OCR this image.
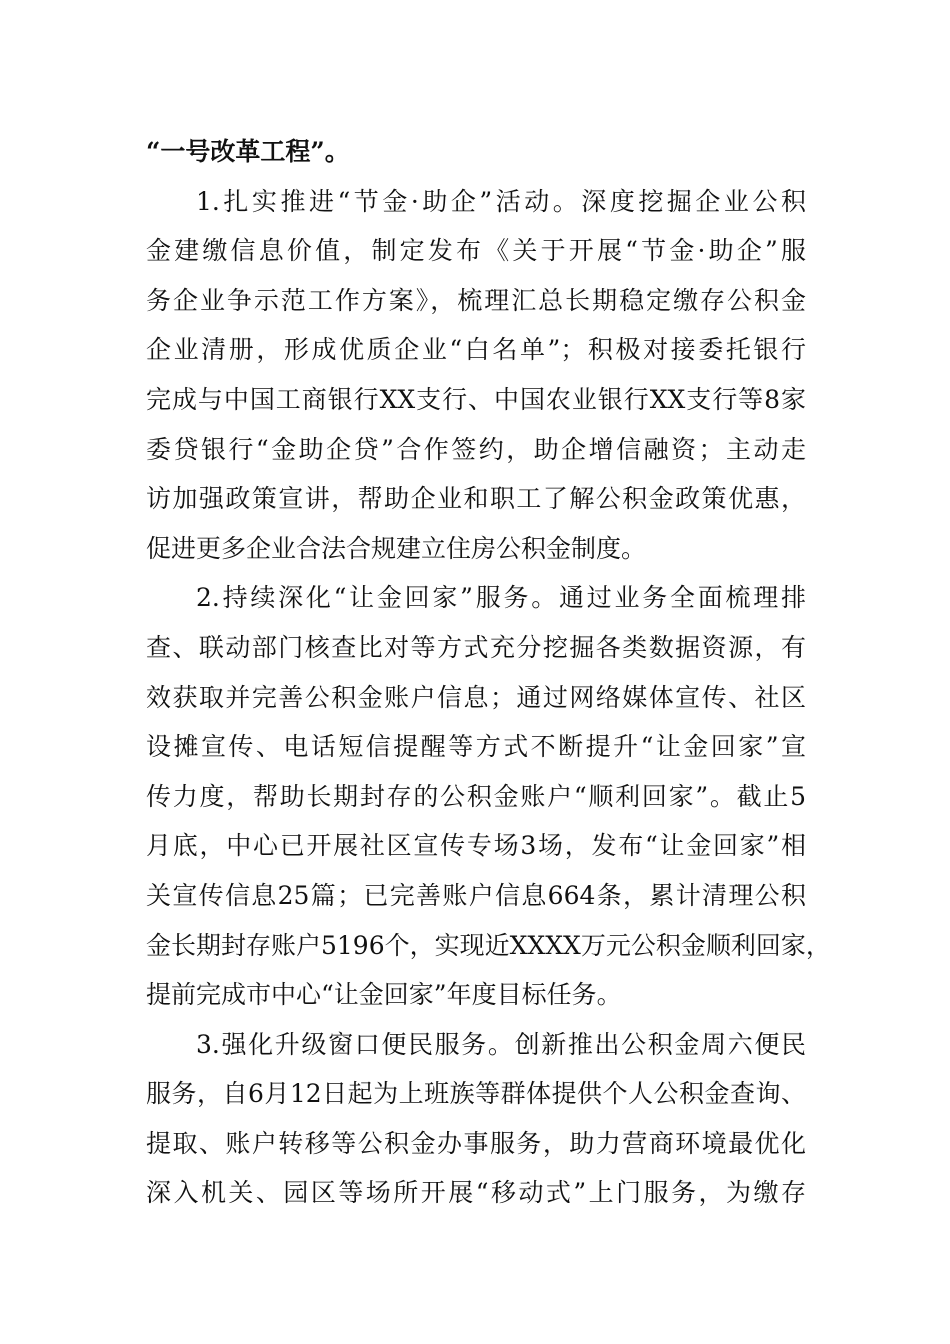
“一号改革工程”。
1.扎实推进“节金·助企”活动。深度挖掘企业公积
金建缴信息价值，制定发布《关于开展“节金·助企”服
务企业争示范工作方案》，梳理汇总长期稳定缴存公积金
企业清册，形成优质企业“白名单”；积极对接委托银行
完成与中国工商银行XX支行、中国农业银行XX支行等8家
委贷银行“金助企贷”合作签约，助企增信融资；主动走
访加强政策宣讲，帮助企业和职工了解公积金政策优惠，
促进更多企业合法合规建立住房公积金制度。
2.持续深化“让金回家”服务。通过业务全面梳理排
查、联动部门核查比对等方式充分挖掘各类数据资源，有
效获取并完善公积金账户信息；通过网络媒体宣传、社区
设摊宣传、电话短信提醒等方式不断提升“让金回家”宣
传力度，帮助长期封存的公积金账户“顺利回家”。截止5
月底，中心已开展社区宣传专场3场，发布“让金回家”相
关宣传信息25篇；已完善账户信息664条，累计清理公积
金长期封存账户5196个，实现近XXXX万元公积金顺利回家，
提前完成市中心“让金回家”年度目标任务。
3.强化升级窗口便民服务。创新推出公积金周六便民
服务，自6月12日起为上班族等群体提供个人公积金查询、
提取、账户转移等公积金办事服务，助力营商环境最优化
深入机关、园区等场所开展“移动式”上门服务，为缴存
